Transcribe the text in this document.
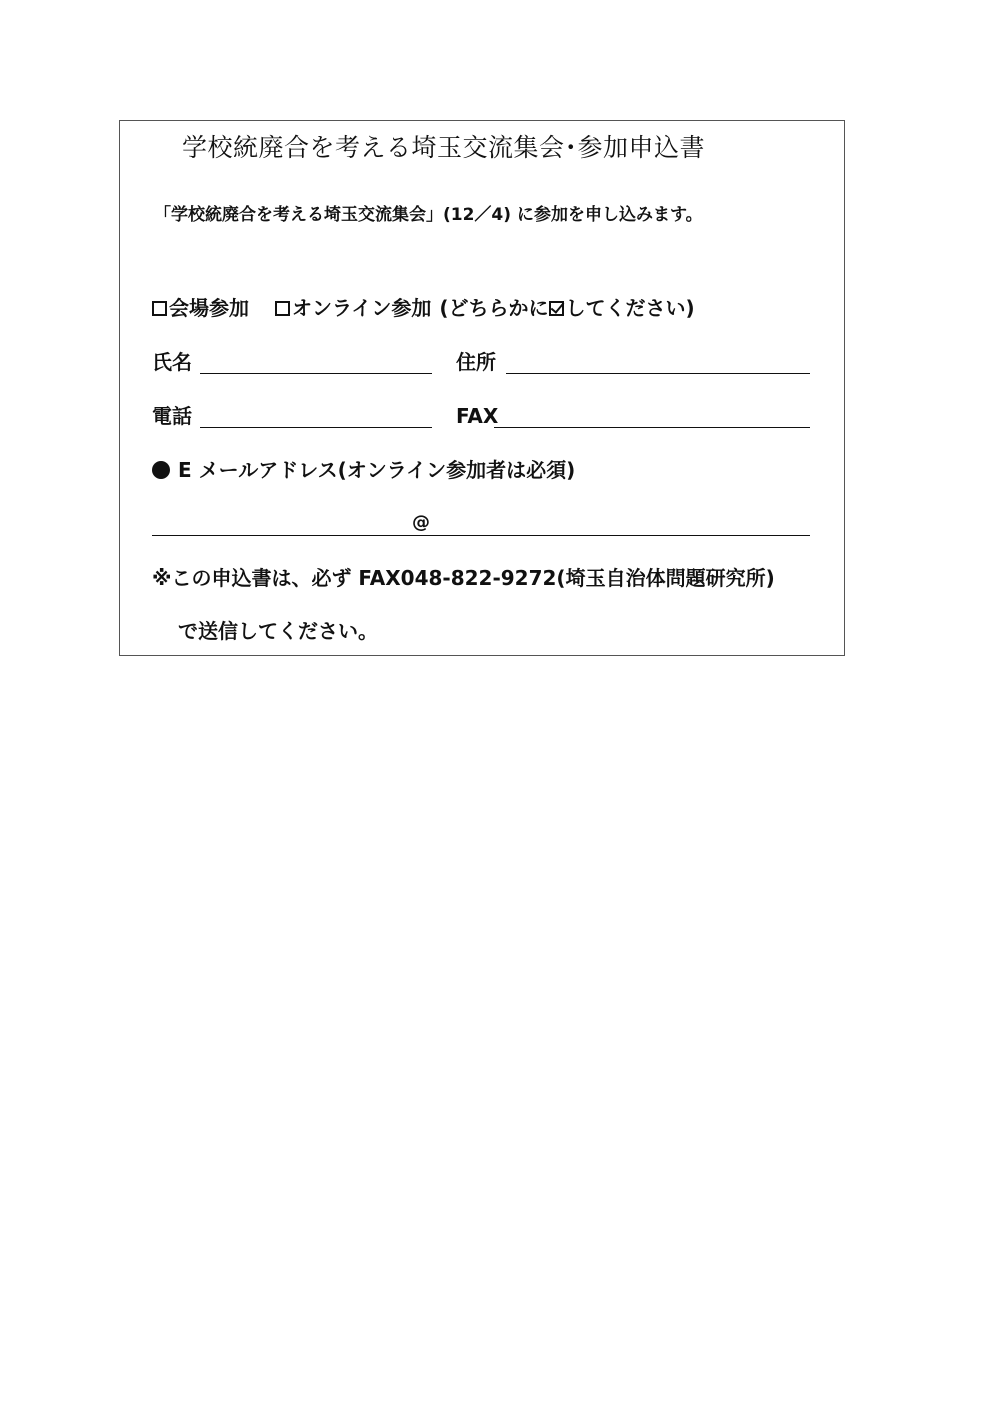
学校統廃合を考える埼玉交流集会･参加申込書
「学校統廃合を考える埼玉交流集会」(12／4) に参加を申し込みます。
会場参加 オンライン参加 (どちらかに してください)
氏名	住所
電話	FAX
E メールアドレス(オンライン参加者は必須)
@
※この申込書は、必ず FAX048-822-9272(埼玉自治体問題研究所)
で送信してください。
